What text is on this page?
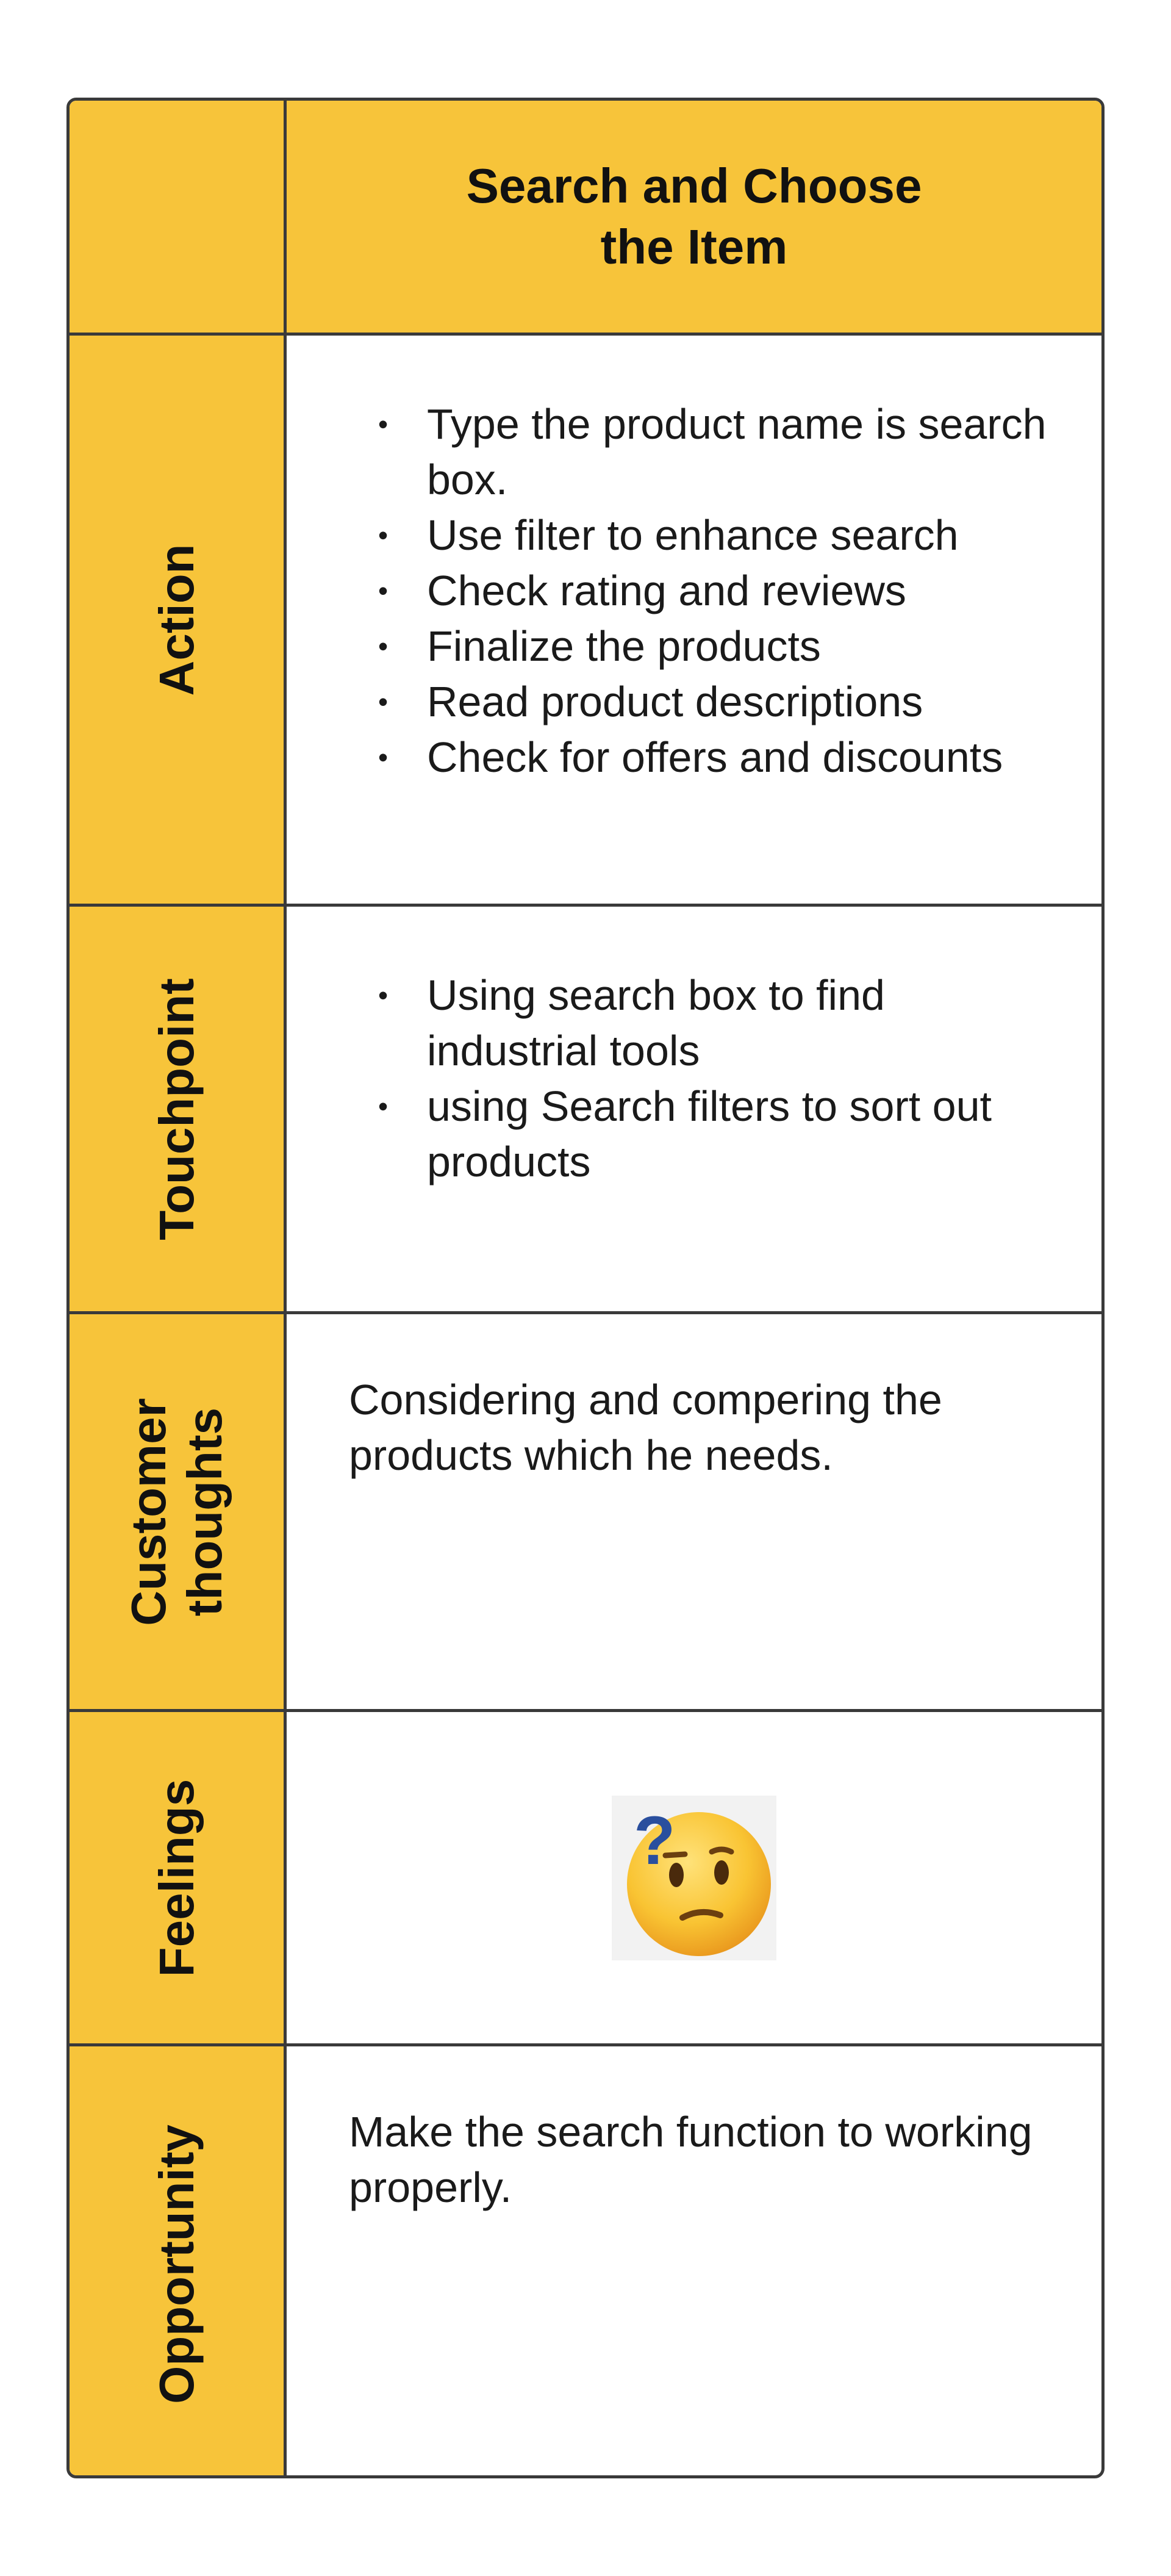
Search and Choose
the Item
Action
• Type the product name is search box.
• Use filter to enhance search
• Check rating and reviews
• Finalize the products
• Read product descriptions
• Check for offers and discounts
Touchpoint
•	Using search box to find industrial tools
• using Search filters to sort out products
Customer
thoughts
Considering and compering the products which he needs.
Feelings	?
Opportunity	Make the search function to working properly.
